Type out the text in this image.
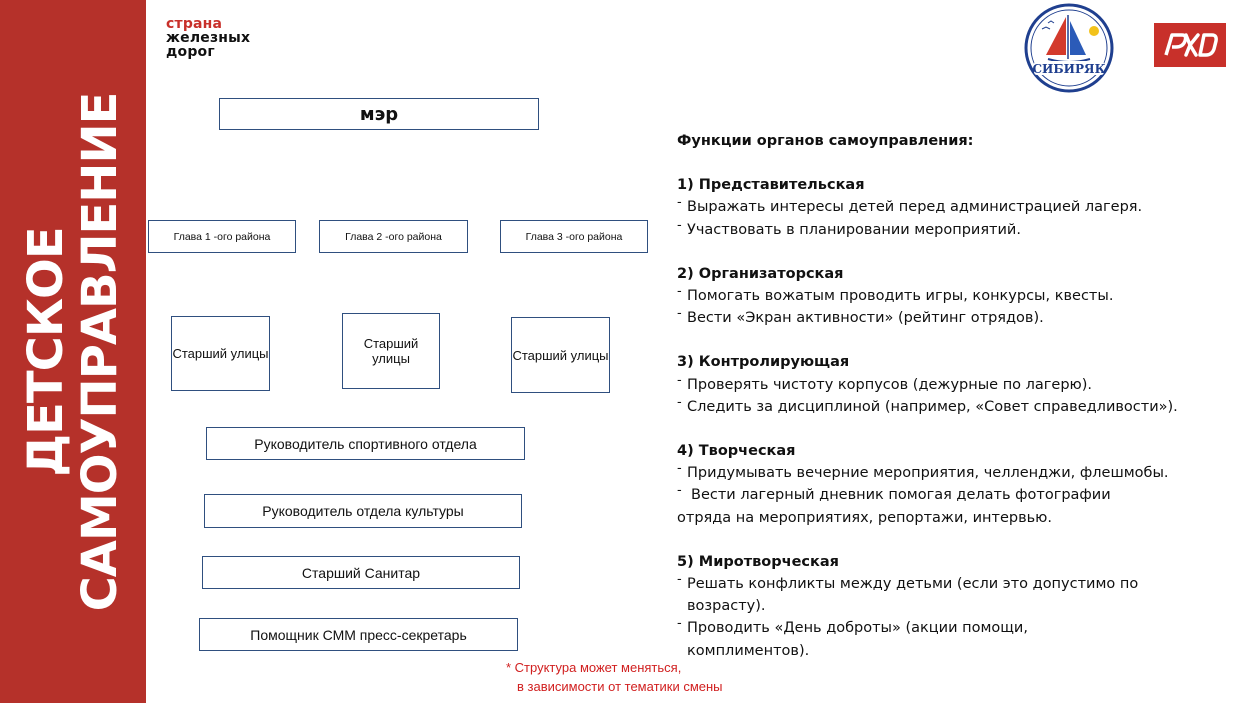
ДЕТСКОЕ
САМОУПРАВЛЕНИЕ
страна
железных
дорог
СИБИРЯК
мэр
Глава 1 -ого района	Глава 2 -ого района	Глава 3 -ого района
Старший улицы
Старший улицы	Старший улицы
Руководитель спортивного отдела
Руководитель отдела культуры
Старший Санитар
Помощник СММ пресс-секретарь
* Структура может меняться,
в зависимости от тематики смены
Функции органов самоуправления:
1) Представительская
- Выражать интересы детей перед администрацией лагеря.
- Участвовать в планировании мероприятий.
2) Организаторская
- Помогать вожатым проводить игры, конкурсы, квесты.
- Вести «Экран активности» (рейтинг отрядов).
3) Контролирующая
- Проверять чистоту корпусов (дежурные по лагерю).
- Следить за дисциплиной (например, «Совет справедливости»).
4) Творческая
- Придумывать вечерние мероприятия, челленджи, флешмобы.
- Вести лагерный дневник помогая делать фотографии
отряда на мероприятиях, репортажи, интервью.
5) Миротворческая
- Решать конфликты между детьми (если это допустимо по
возрасту).
- Проводить «День доброты» (акции помощи,
комплиментов).
